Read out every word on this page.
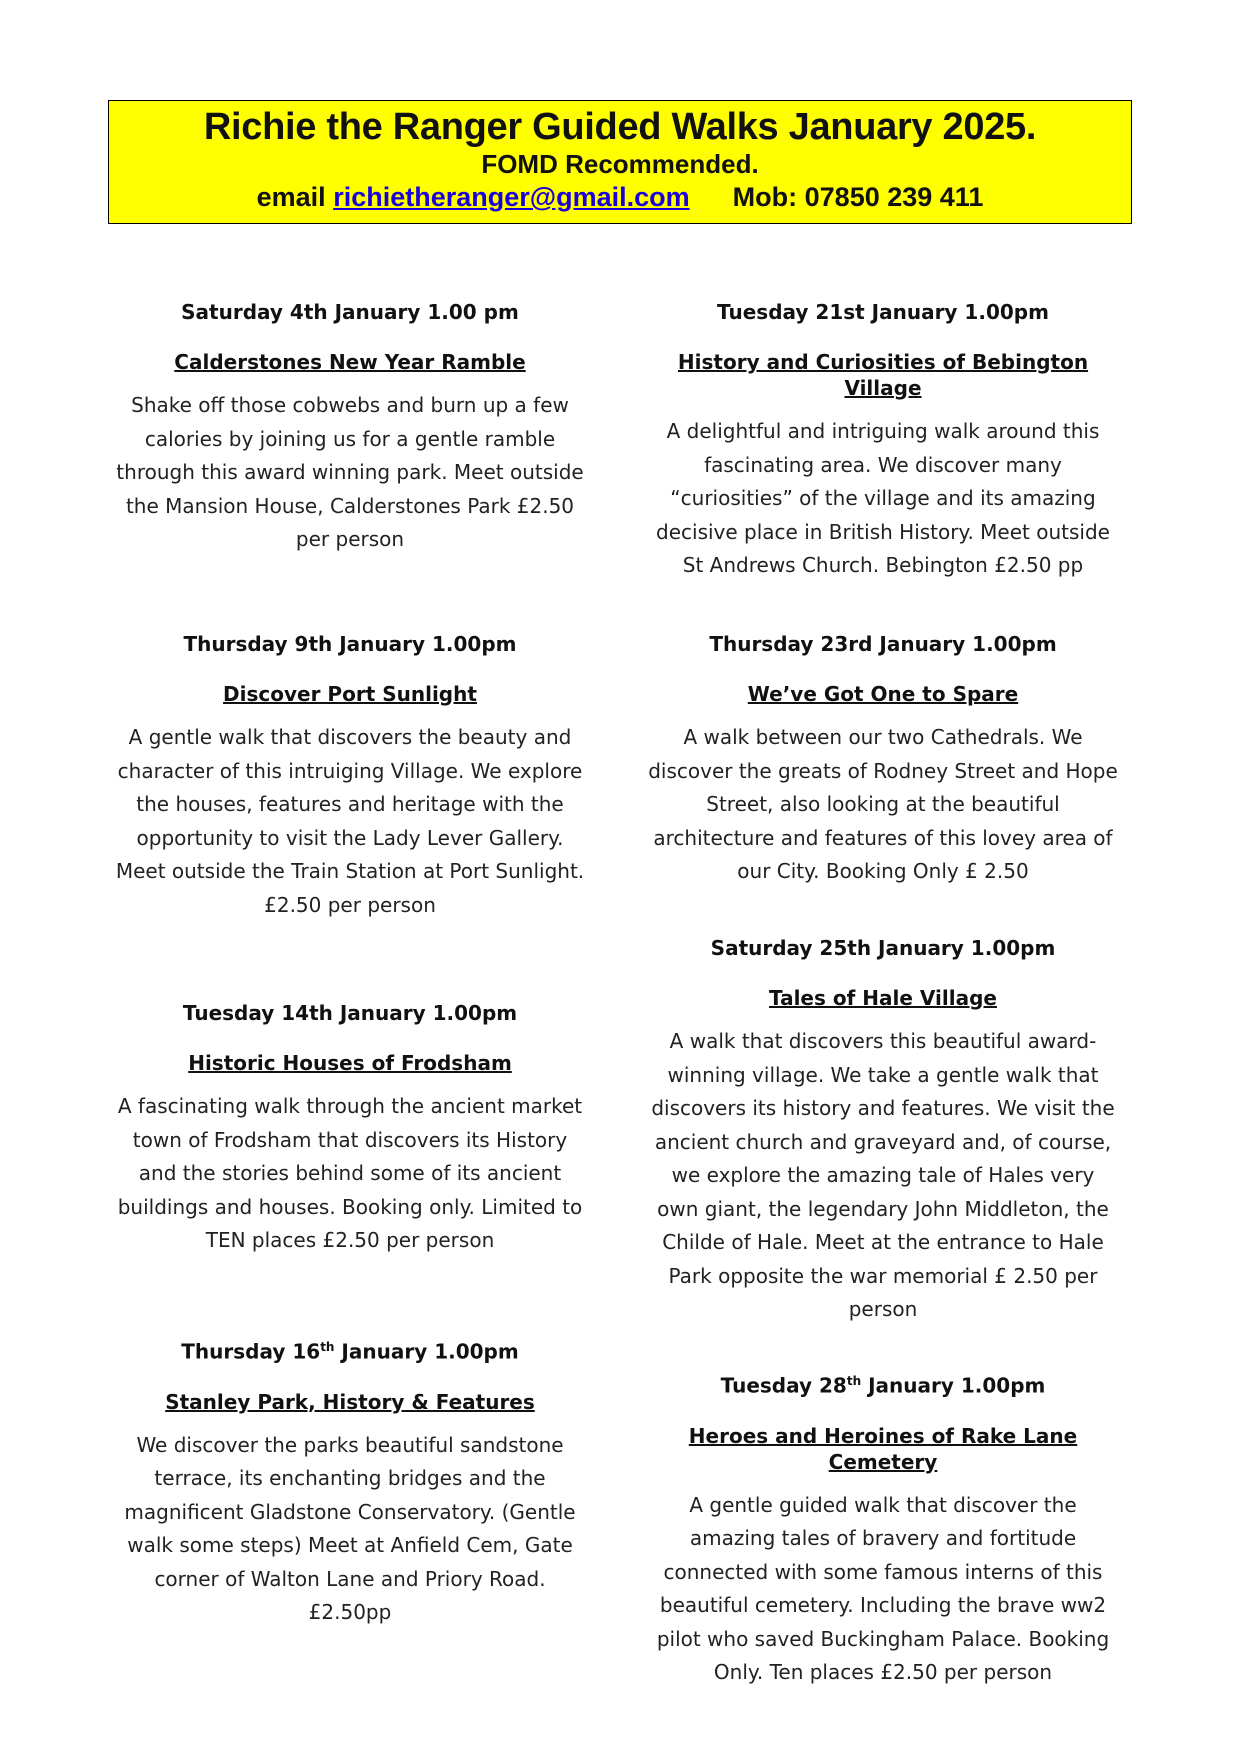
Richie the Ranger Guided Walks January 2025.
FOMD Recommended.
email richietheranger@gmail.com Mob: 07850 239 411
Saturday 4th January 1.00 pm
Calderstones New Year Ramble
Shake off those cobwebs and burn up a few calories by joining us for a gentle ramble through this award winning park. Meet outside the Mansion House, Calderstones Park £2.50 per person
Thursday 9th January 1.00pm
Discover Port Sunlight
A gentle walk that discovers the beauty and character of this intruiging Village. We explore the houses, features and heritage with the opportunity to visit the Lady Lever Gallery. Meet outside the Train Station at Port Sunlight. £2.50 per person
Tuesday 14th January 1.00pm
Historic Houses of Frodsham
A fascinating walk through the ancient market town of Frodsham that discovers its History and the stories behind some of its ancient buildings and houses. Booking only. Limited to TEN places £2.50 per person
Thursday 16th January 1.00pm
Stanley Park, History & Features
We discover the parks beautiful sandstone terrace, its enchanting bridges and the magnificent Gladstone Conservatory. (Gentle walk some steps) Meet at Anfield Cem, Gate corner of Walton Lane and Priory Road. £2.50pp
Tuesday 21st January 1.00pm
History and Curiosities of Bebington Village
A delightful and intriguing walk around this fascinating area. We discover many “curiosities” of the village and its amazing decisive place in British History. Meet outside St Andrews Church. Bebington £2.50 pp
Thursday 23rd January 1.00pm
We’ve Got One to Spare
A walk between our two Cathedrals. We discover the greats of Rodney Street and Hope Street, also looking at the beautiful architecture and features of this lovey area of our City. Booking Only £ 2.50
Saturday 25th January 1.00pm
Tales of Hale Village
A walk that discovers this beautiful award-winning village. We take a gentle walk that discovers its history and features. We visit the ancient church and graveyard and, of course, we explore the amazing tale of Hales very own giant, the legendary John Middleton, the Childe of Hale. Meet at the entrance to Hale Park opposite the war memorial £ 2.50 per person
Tuesday 28th January 1.00pm
Heroes and Heroines of Rake Lane Cemetery
A gentle guided walk that discover the amazing tales of bravery and fortitude connected with some famous interns of this beautiful cemetery. Including the brave ww2 pilot who saved Buckingham Palace. Booking Only. Ten places £2.50 per person
